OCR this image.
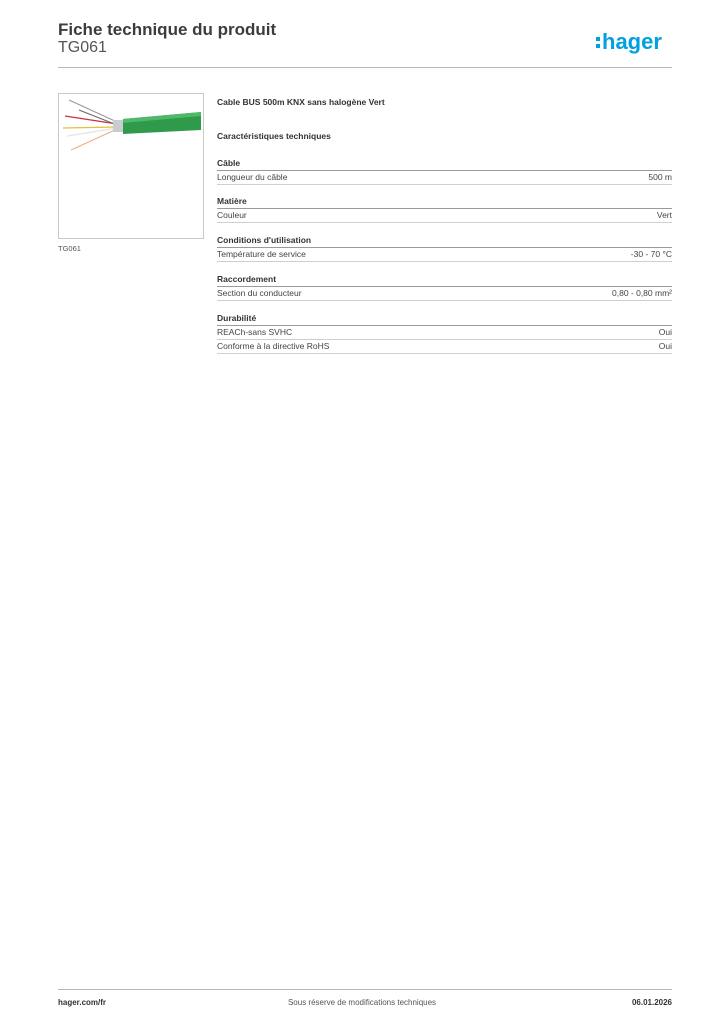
Fiche technique du produit
TG061	hager
TG061
Cable BUS 500m KNX sans halogène Vert
Caractéristiques techniques
Câble
Longueur du câble	500 m
Matière
Couleur	Vert
Conditions d'utilisation
Température de service	-30 - 70 °C
Raccordement
Section du conducteur	0,80 - 0,80 mm²
Durabilité
REACh-sans SVHC	Oui
Conforme à la directive RoHS	Oui
hager.com/fr	Sous réserve de modifications techniques	06.01.2026
